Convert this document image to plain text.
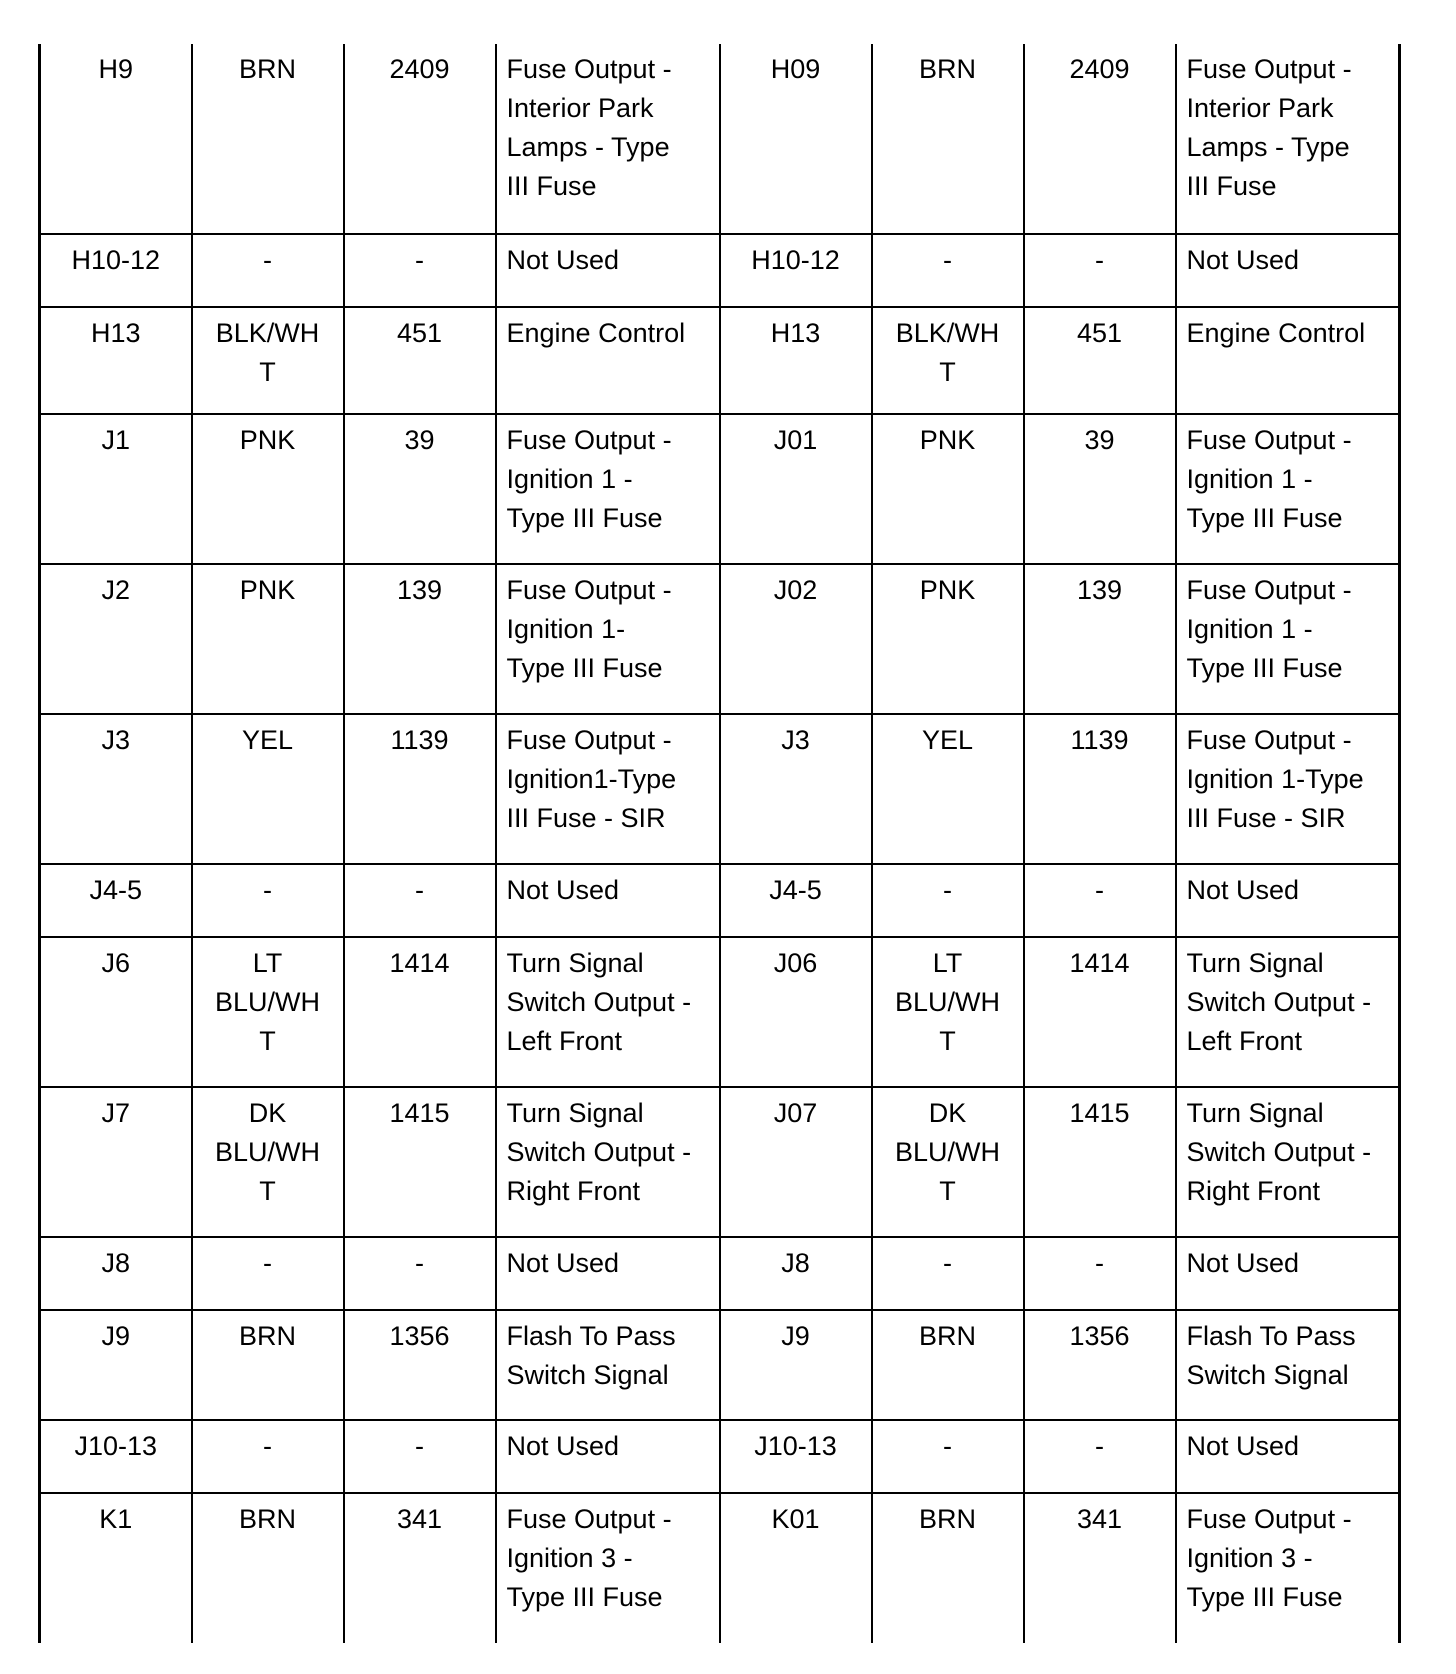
H9	BRN	2409	Fuse Output -
Interior Park
Lamps - Type
III Fuse	H09	BRN	2409	Fuse Output -
Interior Park
Lamps - Type
III Fuse
H10-12	-	-	Not Used	H10-12	-	-	Not Used
H13	BLK/WH
T	451	Engine Control	H13	BLK/WH
T	451	Engine Control
J1	PNK	39	Fuse Output -
Ignition 1 -
Type III Fuse	J01	PNK	39	Fuse Output -
Ignition 1 -
Type III Fuse
J2	PNK	139	Fuse Output -
Ignition 1-
Type III Fuse	J02	PNK	139	Fuse Output -
Ignition 1 -
Type III Fuse
J3	YEL	1139	Fuse Output -
Ignition1-Type
III Fuse - SIR	J3	YEL	1139	Fuse Output -
Ignition 1-Type
III Fuse - SIR
J4-5	-	-	Not Used	J4-5	-	-	Not Used
J6	LT
BLU/WH
T	1414	Turn Signal
Switch Output -
Left Front	J06	LT
BLU/WH
T	1414	Turn Signal
Switch Output -
Left Front
J7	DK
BLU/WH
T	1415	Turn Signal
Switch Output -
Right Front	J07	DK
BLU/WH
T	1415	Turn Signal
Switch Output -
Right Front
J8	-	-	Not Used	J8	-	-	Not Used
J9	BRN	1356	Flash To Pass
Switch Signal	J9	BRN	1356	Flash To Pass
Switch Signal
J10-13	-	-	Not Used	J10-13	-	-	Not Used
K1	BRN	341	Fuse Output -
Ignition 3 -
Type III Fuse	K01	BRN	341	Fuse Output -
Ignition 3 -
Type III Fuse
